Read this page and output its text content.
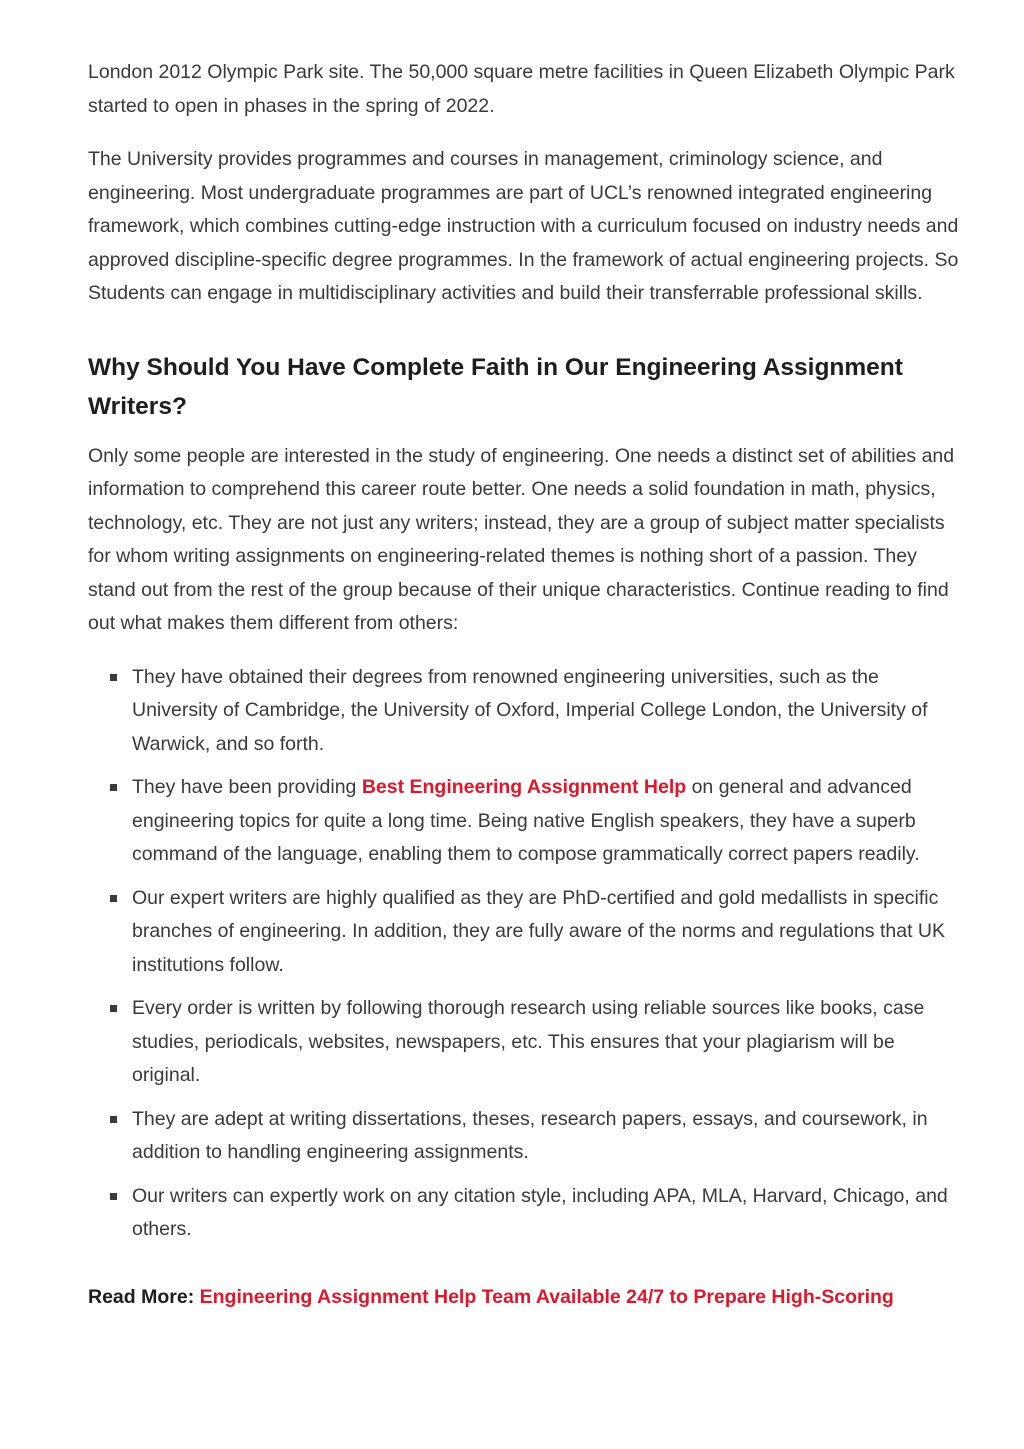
London 2012 Olympic Park site. The 50,000 square metre facilities in Queen Elizabeth Olympic Park started to open in phases in the spring of 2022.

The University provides programmes and courses in management, criminology science, and engineering. Most undergraduate programmes are part of UCL’s renowned integrated engineering framework, which combines cutting-edge instruction with a curriculum focused on industry needs and approved discipline-specific degree programmes. In the framework of actual engineering projects. So Students can engage in multidisciplinary activities and build their transferrable professional skills.

Why Should You Have Complete Faith in Our Engineering Assignment Writers?

Only some people are interested in the study of engineering. One needs a distinct set of abilities and information to comprehend this career route better. One needs a solid foundation in math, physics, technology, etc. They are not just any writers; instead, they are a group of subject matter specialists for whom writing assignments on engineering-related themes is nothing short of a passion. They stand out from the rest of the group because of their unique characteristics. Continue reading to find out what makes them different from others:

They have obtained their degrees from renowned engineering universities, such as the University of Cambridge, the University of Oxford, Imperial College London, the University of Warwick, and so forth.
They have been providing Best Engineering Assignment Help on general and advanced engineering topics for quite a long time. Being native English speakers, they have a superb command of the language, enabling them to compose grammatically correct papers readily.
Our expert writers are highly qualified as they are PhD-certified and gold medallists in specific branches of engineering. In addition, they are fully aware of the norms and regulations that UK institutions follow.
Every order is written by following thorough research using reliable sources like books, case studies, periodicals, websites, newspapers, etc. This ensures that your plagiarism will be original.
They are adept at writing dissertations, theses, research papers, essays, and coursework, in addition to handling engineering assignments.
Our writers can expertly work on any citation style, including APA, MLA, Harvard, Chicago, and others.
Read More: Engineering Assignment Help Team Available 24/7 to Prepare High-Scoring
